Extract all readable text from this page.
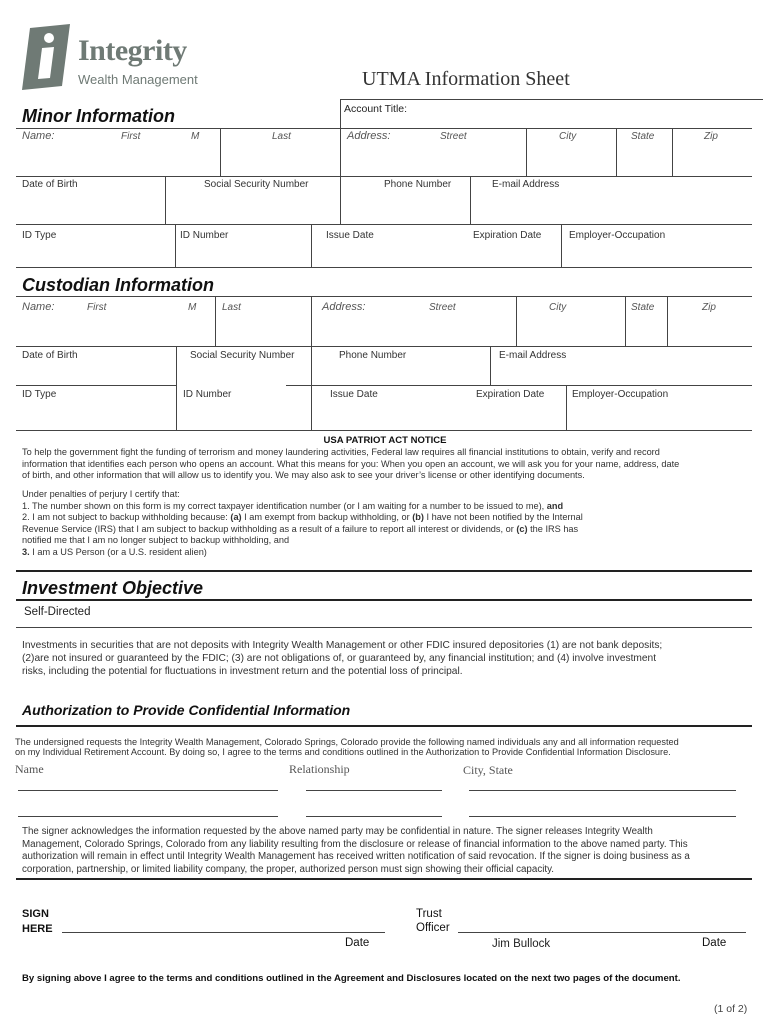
Integrity
Wealth Management	UTMA Information Sheet
Minor Information	Account Title:
Name:	First	M	Last	Address:	Street	City	State	Zip
Date of Birth	Social Security Number	Phone Number	E-mail Address
ID Type	ID Number	Issue Date	Expiration Date	Employer-Occupation
Custodian Information
Name:	First	M	Last	Address:	Street	City	State	Zip
Date of Birth	Social Security Number	Phone Number	E-mail Address
ID Type	ID Number	Issue Date	Expiration Date	Employer-Occupation
USA PATRIOT ACT NOTICE
To help the government fight the funding of terrorism and money laundering activities, Federal law requires all financial institutions to obtain, verify and record
information that identifies each person who opens an account. What this means for you: When you open an account, we will ask you for your name, address, date
of birth, and other information that will allow us to identify you. We may also ask to see your driver’s license or other identifying documents.
Under penalties of perjury I certify that:
1. The number shown on this form is my correct taxpayer identification number (or I am waiting for a number to be issued to me), and
2. I am not subject to backup withholding because: (a) I am exempt from backup withholding, or (b) I have not been notified by the Internal
Revenue Service (IRS) that I am subject to backup withholding as a result of a failure to report all interest or dividends, or (c) the IRS has
notified me that I am no longer subject to backup withholding, and
3. I am a US Person (or a U.S. resident alien)
Investment Objective
Self-Directed
Investments in securities that are not deposits with Integrity Wealth Management or other FDIC insured depositories (1) are not bank deposits;
(2)are not insured or guaranteed by the FDIC; (3) are not obligations of, or guaranteed by, any financial institution; and (4) involve investment
risks, including the potential for fluctuations in investment return and the potential loss of principal.
Authorization to Provide Confidential Information
The undersigned requests the Integrity Wealth Management, Colorado Springs, Colorado provide the following named individuals any and all information requested
on my Individual Retirement Account. By doing so, I agree to the terms and conditions outlined in the Authorization to Provide Confidential Information Disclosure.
Name	Relationship	City, State
The signer acknowledges the information requested by the above named party may be confidential in nature. The signer releases Integrity Wealth
Management, Colorado Springs, Colorado from any liability resulting from the disclosure or release of financial information to the above named party. This
authorization will remain in effect until Integrity Wealth Management has received written notification of said revocation. If the signer is doing business as a
corporation, partnership, or limited liability company, the proper, authorized person must sign showing their official capacity.
SIGN
HERE
Date
Trust
Officer
Jim Bullock	Date
By signing above I agree to the terms and conditions outlined in the Agreement and Disclosures located on the next two pages of the document.
(1 of 2)
